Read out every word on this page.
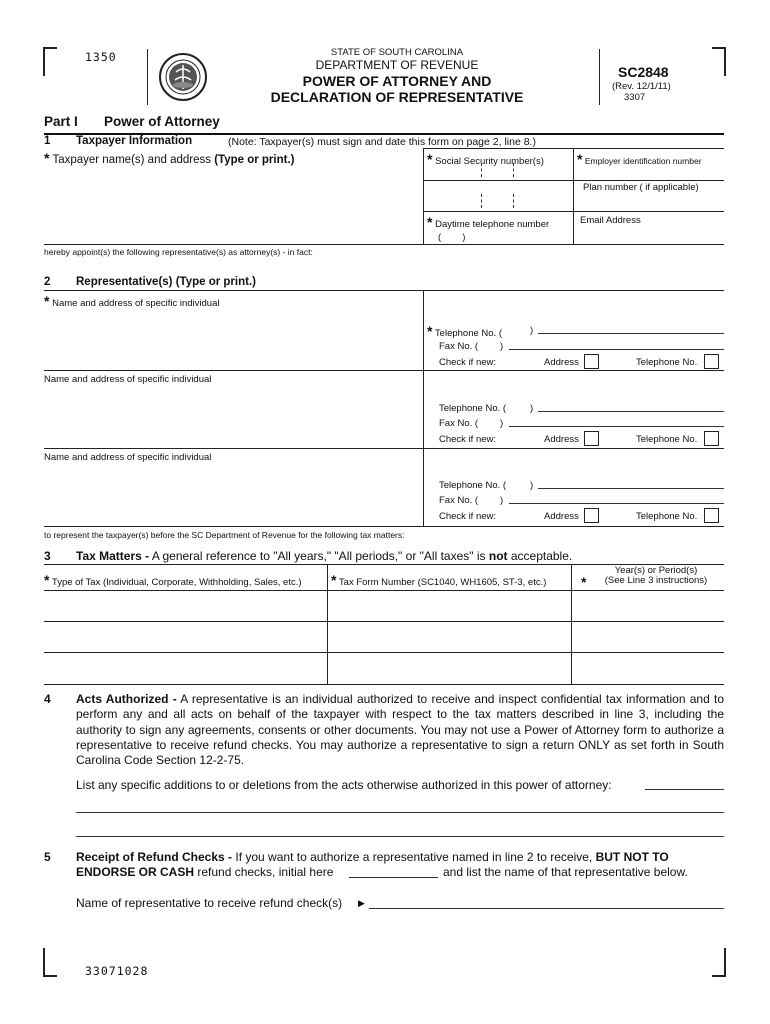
1350	STATE OF SOUTH CAROLINA
DEPARTMENT OF REVENUE
POWER OF ATTORNEY AND
DECLARATION OF REPRESENTATIVE
SC2848
(Rev. 12/1/11)
3307
Part I Power of Attorney
1 Taxpayer Information	(Note: Taxpayer(s) must sign and date this form on page 2, line 8.)
* Taxpayer name(s) and address (Type or print.)	* Social Security number(s) * Employer identification number
Plan number ( if applicable)
* Daytime telephone number	Email Address
(        )
hereby appoint(s) the following representative(s) as attorney(s) - in fact:
2 Representative(s) (Type or print.)
* Name and address of specific individual
* Telephone No. (	)
Fax No. ( )
Check if new:	Address	Telephone No.
Name and address of specific individual
Telephone No. (	)
Fax No. ( )
Check if new:	Address	Telephone No.
Name and address of specific individual
Telephone No. (	)
Fax No. ( )
Check if new:	Address	Telephone No.
to represent the taxpayer(s) before the SC Department of Revenue for the following tax matters:
3 Tax Matters - A general reference to "All years," "All periods," or "All taxes" is not acceptable.
* Type of Tax (Individual, Corporate, Withholding, Sales, etc.) * Tax Form Number (SC1040, WH1605, ST-3, etc.) *
Year(s) or Period(s)
(See Line 3 instructions)
4 Acts Authorized - A representative is an individual authorized to receive and inspect confidential tax information and to perform any and all acts on behalf of the taxpayer with respect to the tax matters described in line 3, including the authority to sign any agreements, consents or other documents. You may not use a Power of Attorney form to authorize a representative to receive refund checks. You may authorize a representative to sign a return ONLY as set forth in South Carolina Code Section 12-2-75.
List any specific additions to or deletions from the acts otherwise authorized in this power of attorney:
5 Receipt of Refund Checks - If you want to authorize a representative named in line 2 to receive, BUT NOT TO ENDORSE OR CASH refund checks, initial here	and list the name of that representative below.
Name of representative to receive refund check(s) ▶
33071028
